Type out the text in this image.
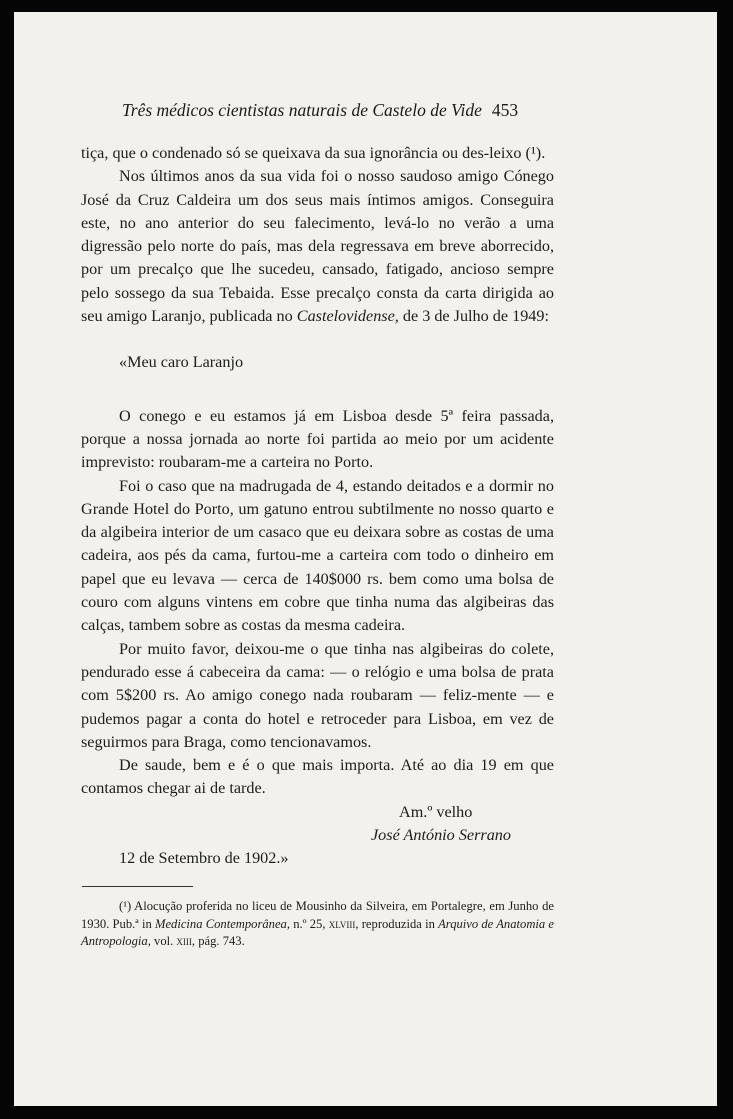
Três médicos cientistas naturais de Castelo de Vide 453

tiça, que o condenado só se queixava da sua ignorância ou des-leixo (¹).

Nos últimos anos da sua vida foi o nosso saudoso amigo Cónego José da Cruz Caldeira um dos seus mais íntimos amigos. Conseguira este, no ano anterior do seu falecimento, levá-lo no verão a uma digressão pelo norte do país, mas dela regressava em breve aborrecido, por um precalço que lhe sucedeu, cansado, fatigado, ancioso sempre pelo sossego da sua Tebaida. Esse precalço consta da carta dirigida ao seu amigo Laranjo, publicada no Castelovidense, de 3 de Julho de 1949:

«Meu caro Laranjo

O conego e eu estamos já em Lisboa desde 5ª feira passada, porque a nossa jornada ao norte foi partida ao meio por um acidente imprevisto: roubaram-me a carteira no Porto.

Foi o caso que na madrugada de 4, estando deitados e a dormir no Grande Hotel do Porto, um gatuno entrou subtilmente no nosso quarto e da algibeira interior de um casaco que eu deixara sobre as costas de uma cadeira, aos pés da cama, furtou-me a carteira com todo o dinheiro em papel que eu levava — cerca de 140$000 rs. bem como uma bolsa de couro com alguns vintens em cobre que tinha numa das algibeiras das calças, tambem sobre as costas da mesma cadeira.

Por muito favor, deixou-me o que tinha nas algibeiras do colete, pendurado esse á cabeceira da cama: — o relógio e uma bolsa de prata com 5$200 rs. Ao amigo conego nada roubaram — feliz-mente — e pudemos pagar a conta do hotel e retroceder para Lisboa, em vez de seguirmos para Braga, como tencionavamos.

De saude, bem e é o que mais importa. Até ao dia 19 em que contamos chegar ai de tarde.

Am.º velho

José António Serrano

12 de Setembro de 1902.»

(¹) Alocução proferida no liceu de Mousinho da Silveira, em Portalegre, em Junho de 1930. Pub.ª in Medicina Contemporânea, n.º 25, xlviii, reproduzida in Arquivo de Anatomia e Antropologia, vol. xiii, pág. 743.
